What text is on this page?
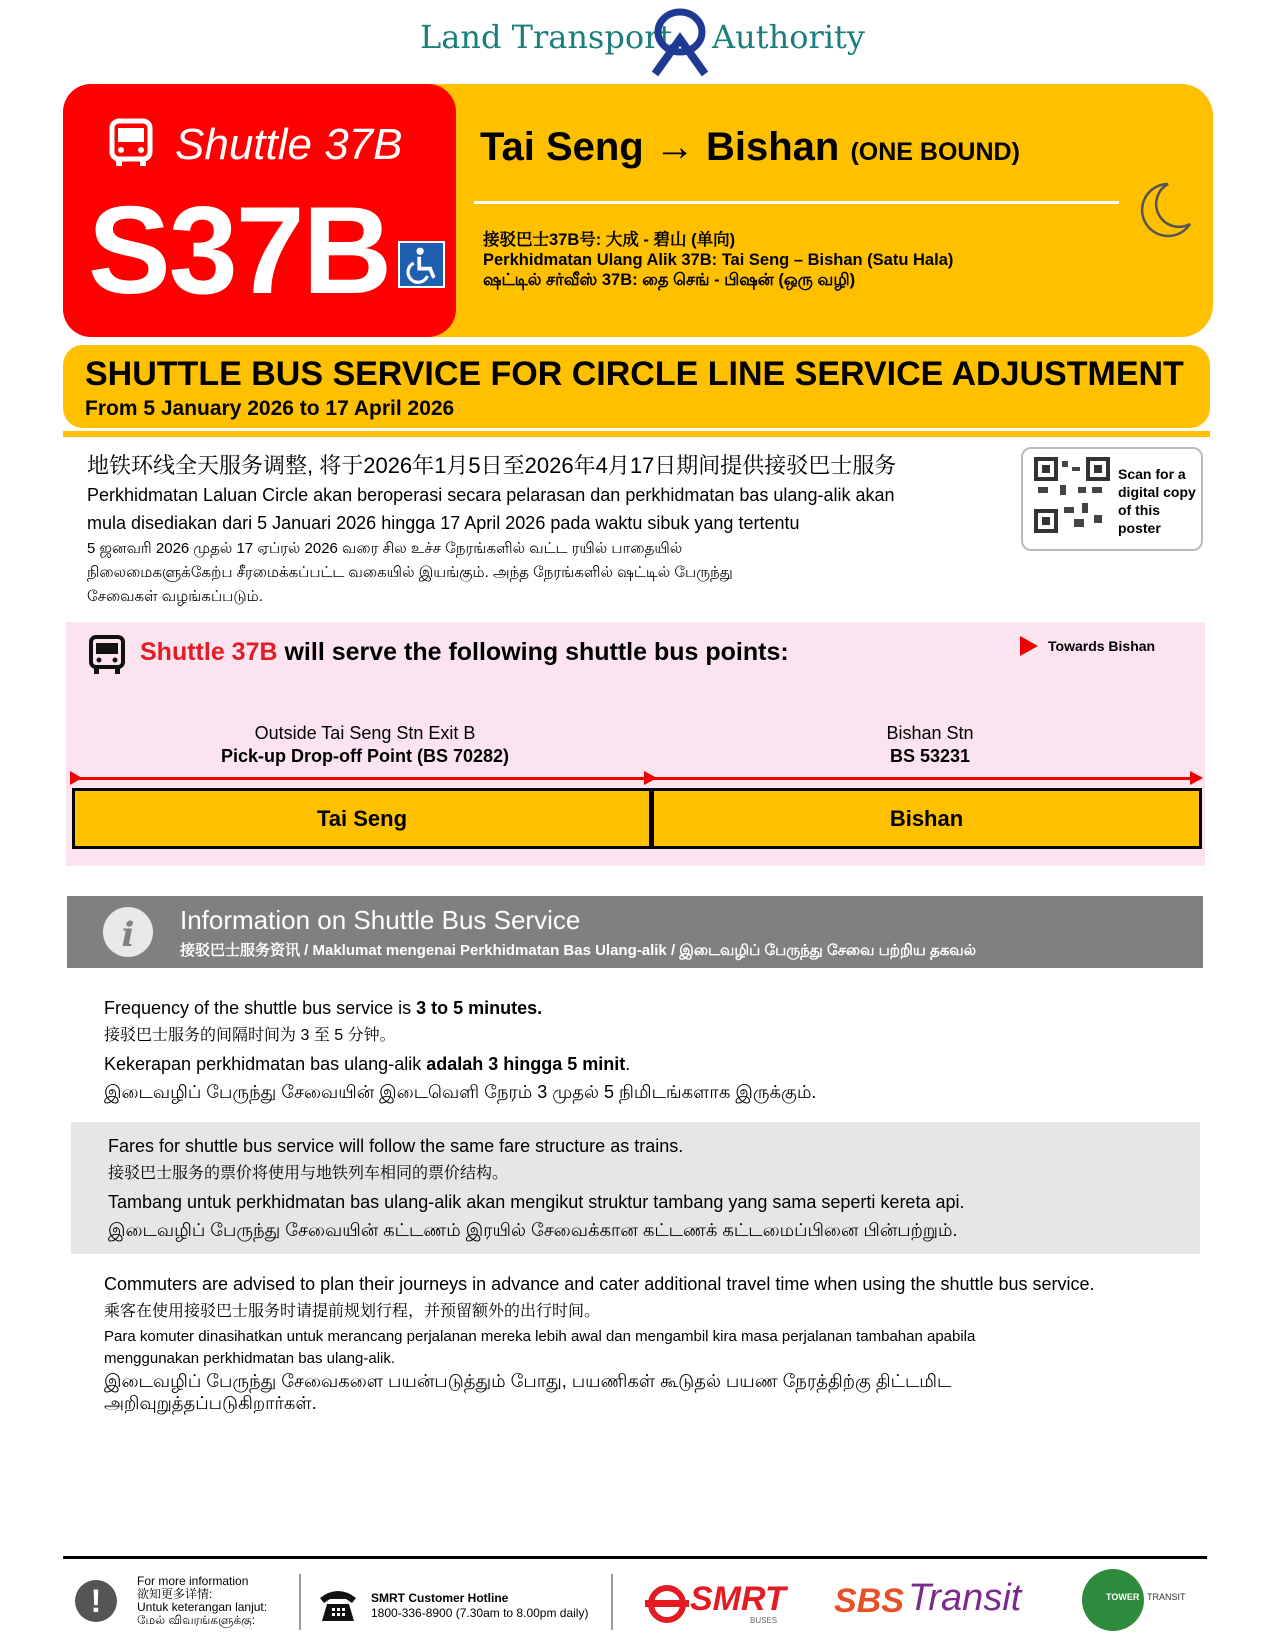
Land Transport Authority
Shuttle 37B
S37B
Tai Seng → Bishan (ONE BOUND)
接驳巴士37B号: 大成 - 碧山 (单向)
Perkhidmatan Ulang Alik 37B: Tai Seng – Bishan (Satu Hala)
ஷட்டில் சர்வீஸ் 37B: தை செங் - பிஷன் (ஒரு வழி)
SHUTTLE BUS SERVICE FOR CIRCLE LINE SERVICE ADJUSTMENT
From 5 January 2026 to 17 April 2026
地铁环线全天服务调整, 将于2026年1月5日至2026年4月17日期间提供接驳巴士服务
Perkhidmatan Laluan Circle akan beroperasi secara pelarasan dan perkhidmatan bas ulang-alik akan
mula disediakan dari 5 Januari 2026 hingga 17 April 2026 pada waktu sibuk yang tertentu
5 ஜனவரி 2026 முதல் 17 ஏப்ரல் 2026 வரை சில உச்ச நேரங்களில் வட்ட ரயில் பாதையில்
நிலைமைகளுக்கேற்ப சீரமைக்கப்பட்ட வகையில் இயங்கும். அந்த நேரங்களில் ஷட்டில் பேருந்து
சேவைகள் வழங்கப்படும்.
Scan for a digital copy of this poster
Shuttle 37B will serve the following shuttle bus points:	Towards Bishan
Outside Tai Seng Stn Exit B
Pick-up Drop-off Point (BS 70282)
Bishan Stn
BS 53231
Tai Seng	Bishan
i Information on Shuttle Bus Service
接驳巴士服务资讯 / Maklumat mengenai Perkhidmatan Bas Ulang-alik / இடைவழிப் பேருந்து சேவை பற்றிய தகவல்
Frequency of the shuttle bus service is 3 to 5 minutes.
接驳巴士服务的间隔时间为 3 至 5 分钟。
Kekerapan perkhidmatan bas ulang-alik adalah 3 hingga 5 minit.
இடைவழிப் பேருந்து சேவையின் இடைவெளி நேரம் 3 முதல் 5 நிமிடங்களாக இருக்கும்.
Fares for shuttle bus service will follow the same fare structure as trains.
接驳巴士服务的票价将使用与地铁列车相同的票价结构。
Tambang untuk perkhidmatan bas ulang-alik akan mengikut struktur tambang yang sama seperti kereta api.
இடைவழிப் பேருந்து சேவையின் கட்டணம் இரயில் சேவைக்கான கட்டணக் கட்டமைப்பினை பின்பற்றும்.
Commuters are advised to plan their journeys in advance and cater additional travel time when using the shuttle bus service.
乘客在使用接驳巴士服务时请提前规划行程，并预留额外的出行时间。
Para komuter dinasihatkan untuk merancang perjalanan mereka lebih awal dan mengambil kira masa perjalanan tambahan apabila
menggunakan perkhidmatan bas ulang-alik.
இடைவழிப் பேருந்து சேவைகளை பயன்படுத்தும் போது, பயணிகள் கூடுதல் பயண நேரத்திற்கு திட்டமிட
அறிவுறுத்தப்படுகிறார்கள்.
!
For more information
欲知更多详情:
Untuk keterangan lanjut:
மேல் விவரங்களுக்கு:
SMRT Customer Hotline
1800-336-8900 (7.30am to 8.00pm daily)	SMRT
BUSES
SBS Transit	TOWER TRANSIT
